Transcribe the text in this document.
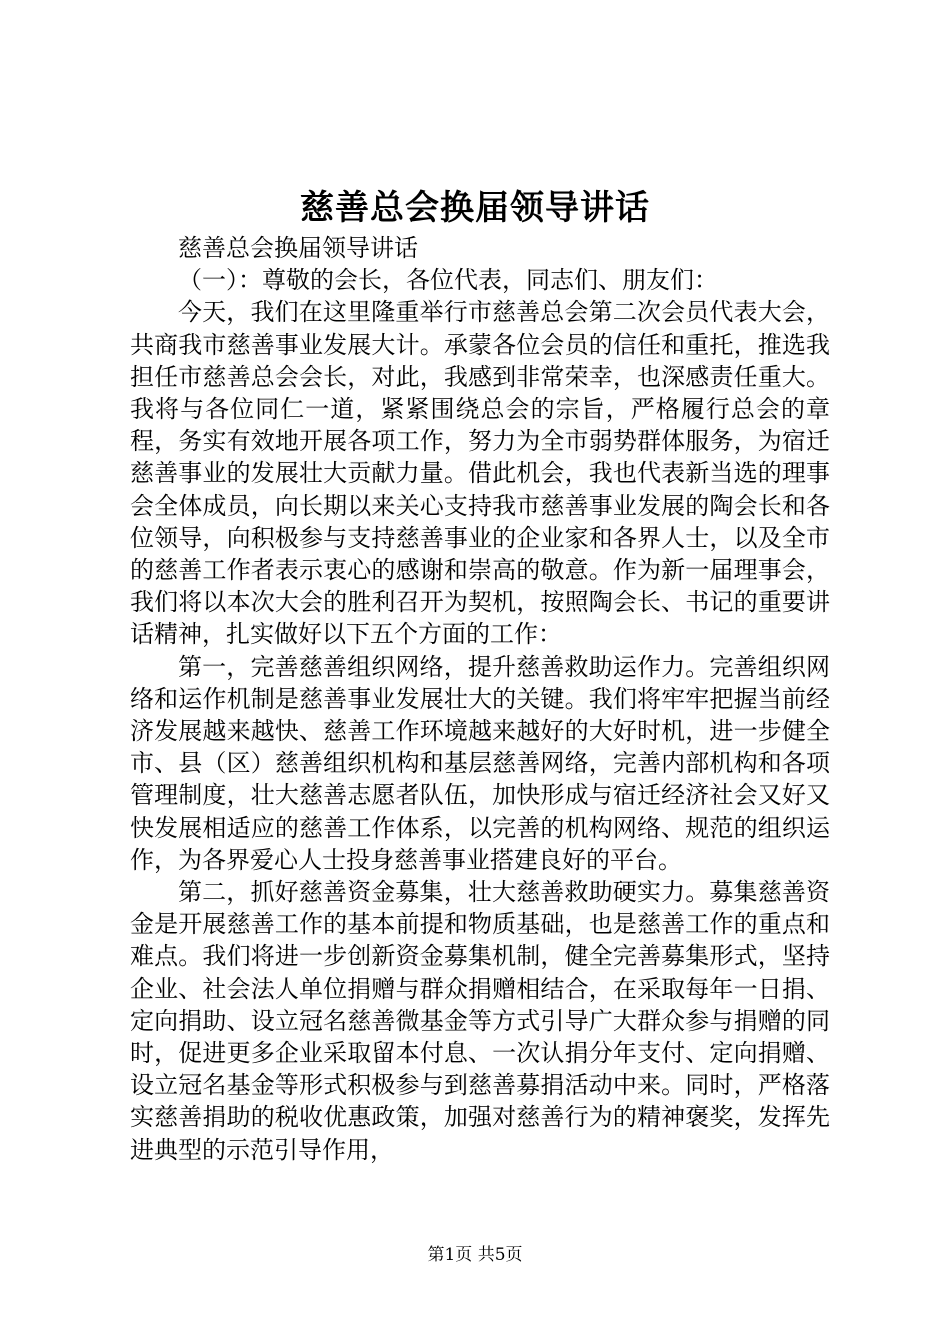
慈善总会换届领导讲话

慈善总会换届领导讲话

（一）：尊敬的会长，各位代表，同志们、朋友们：

今天，我们在这里隆重举行市慈善总会第二次会员代表大会，共商我市慈善事业发展大计。承蒙各位会员的信任和重托，推选我担任市慈善总会会长，对此，我感到非常荣幸，也深感责任重大。我将与各位同仁一道，紧紧围绕总会的宗旨，严格履行总会的章程，务实有效地开展各项工作，努力为全市弱势群体服务，为宿迁慈善事业的发展壮大贡献力量。借此机会，我也代表新当选的理事会全体成员，向长期以来关心支持我市慈善事业发展的陶会长和各位领导，向积极参与支持慈善事业的企业家和各界人士，以及全市的慈善工作者表示衷心的感谢和崇高的敬意。作为新一届理事会，我们将以本次大会的胜利召开为契机，按照陶会长、书记的重要讲话精神，扎实做好以下五个方面的工作：

第一，完善慈善组织网络，提升慈善救助运作力。完善组织网络和运作机制是慈善事业发展壮大的关键。我们将牢牢把握当前经济发展越来越快、慈善工作环境越来越好的大好时机，进一步健全市、县（区）慈善组织机构和基层慈善网络，完善内部机构和各项管理制度，壮大慈善志愿者队伍，加快形成与宿迁经济社会又好又快发展相适应的慈善工作体系，以完善的机构网络、规范的组织运作，为各界爱心人士投身慈善事业搭建良好的平台。

第二，抓好慈善资金募集，壮大慈善救助硬实力。募集慈善资金是开展慈善工作的基本前提和物质基础，也是慈善工作的重点和难点。我们将进一步创新资金募集机制，健全完善募集形式，坚持企业、社会法人单位捐赠与群众捐赠相结合，在采取每年一日捐、定向捐助、设立冠名慈善微基金等方式引导广大群众参与捐赠的同时，促进更多企业采取留本付息、一次认捐分年支付、定向捐赠、设立冠名基金等形式积极参与到慈善募捐活动中来。同时，严格落实慈善捐助的税收优惠政策，加强对慈善行为的精神褒奖，发挥先进典型的示范引导作用，

第1页 共5页
